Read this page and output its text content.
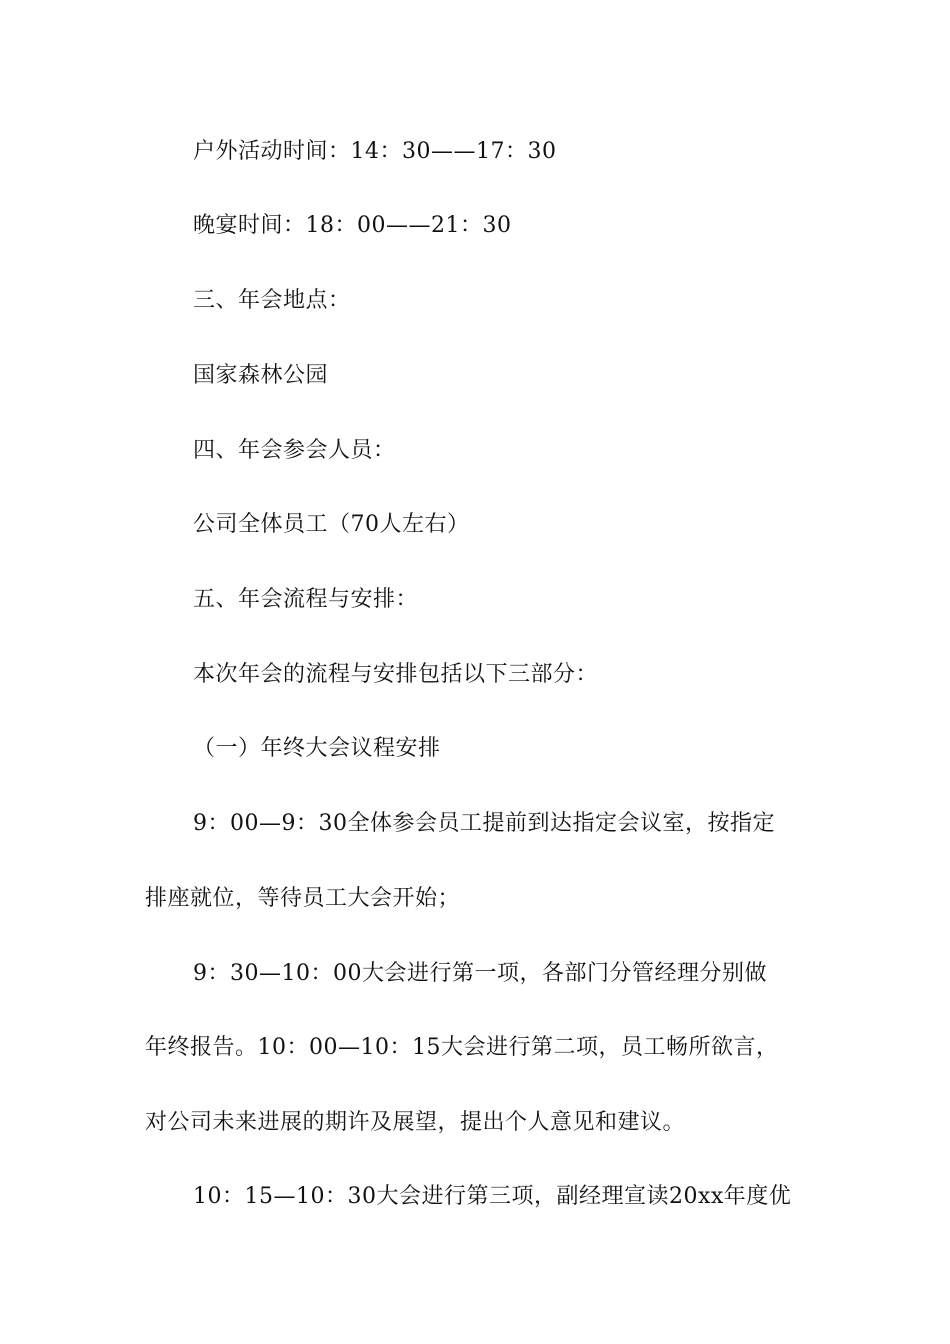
户外活动时间：14：30——17：30
晚宴时间：18：00——21：30
三、年会地点：
国家森林公园
四、年会参会人员：
公司全体员工（70人左右）
五、年会流程与安排：
本次年会的流程与安排包括以下三部分：
（一）年终大会议程安排
9：00—9：30全体参会员工提前到达指定会议室，按指定
排座就位，等待员工大会开始；
9：30—10：00大会进行第一项，各部门分管经理分别做
年终报告。10：00—10：15大会进行第二项，员工畅所欲言，
对公司未来进展的期许及展望，提出个人意见和建议。
10：15—10：30大会进行第三项，副经理宣读20xx年度优
